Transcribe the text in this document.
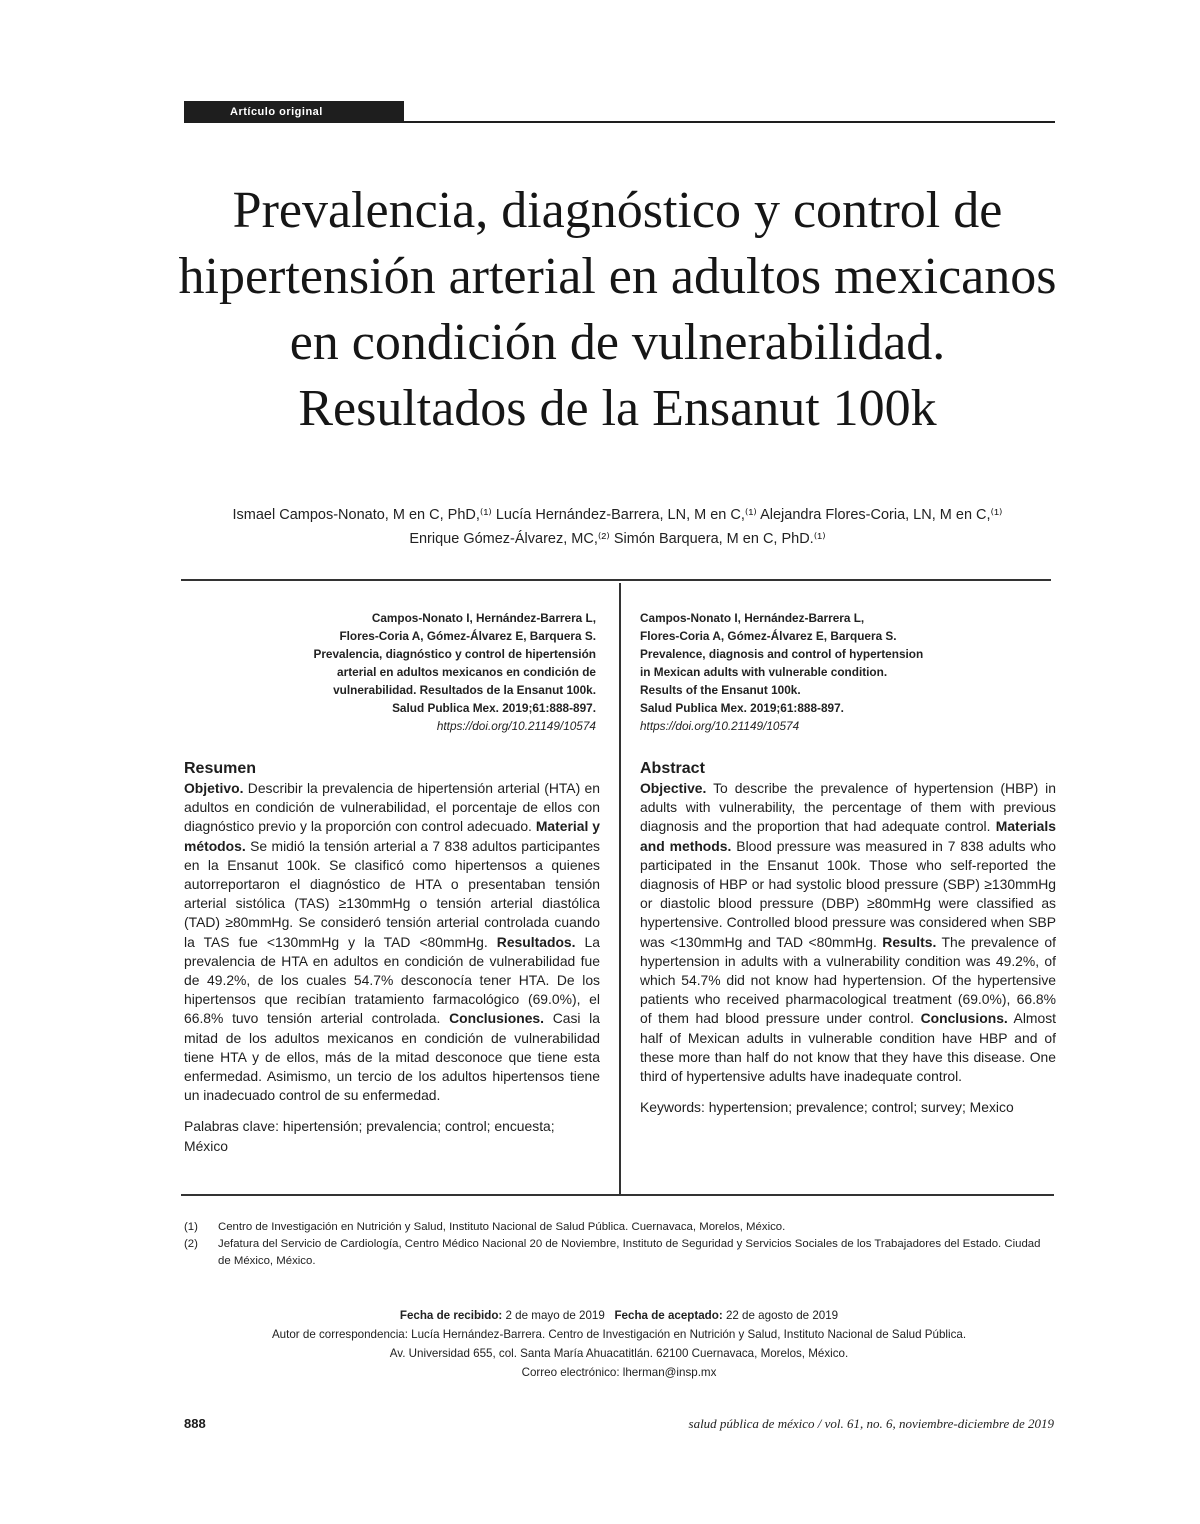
Artículo original
Prevalencia, diagnóstico y control de
hipertensión arterial en adultos mexicanos
en condición de vulnerabilidad.
Resultados de la Ensanut 100k
Ismael Campos-Nonato, M en C, PhD,⁽¹⁾ Lucía Hernández-Barrera, LN, M en C,⁽¹⁾ Alejandra Flores-Coria, LN, M en C,⁽¹⁾
Enrique Gómez-Álvarez, MC,⁽²⁾ Simón Barquera, M en C, PhD.⁽¹⁾
Campos-Nonato I, Hernández-Barrera L,
Flores-Coria A, Gómez-Álvarez E, Barquera S.
Prevalencia, diagnóstico y control de hipertensión
arterial en adultos mexicanos en condición de
vulnerabilidad. Resultados de la Ensanut 100k.
Salud Publica Mex. 2019;61:888-897.
https://doi.org/10.21149/10574
Campos-Nonato I, Hernández-Barrera L,
Flores-Coria A, Gómez-Álvarez E, Barquera S.
Prevalence, diagnosis and control of hypertension
in Mexican adults with vulnerable condition.
Results of the Ensanut 100k.
Salud Publica Mex. 2019;61:888-897.
https://doi.org/10.21149/10574
Resumen
Objetivo. Describir la prevalencia de hipertensión arterial (HTA) en adultos en condición de vulnerabilidad, el porcentaje de ellos con diagnóstico previo y la proporción con control adecuado. Material y métodos. Se midió la tensión arterial a 7 838 adultos participantes en la Ensanut 100k. Se clasificó como hipertensos a quienes autorreportaron el diagnóstico de HTA o presentaban tensión arterial sistólica (TAS) ≥130mmHg o tensión arterial diastólica (TAD) ≥80mmHg. Se consideró tensión arterial controlada cuando la TAS fue <130mmHg y la TAD <80mmHg. Resultados. La prevalencia de HTA en adultos en condición de vulnerabilidad fue de 49.2%, de los cuales 54.7% desconocía tener HTA. De los hipertensos que recibían tratamiento farmacológico (69.0%), el 66.8% tuvo tensión arterial controlada. Conclusiones. Casi la mitad de los adultos mexicanos en condición de vulnerabilidad tiene HTA y de ellos, más de la mitad desconoce que tiene esta enfermedad. Asimismo, un tercio de los adultos hipertensos tiene un inadecuado control de su enfermedad.
Palabras clave: hipertensión; prevalencia; control; encuesta; México
Abstract
Objective. To describe the prevalence of hypertension (HBP) in adults with vulnerability, the percentage of them with previous diagnosis and the proportion that had adequate control. Materials and methods. Blood pressure was measured in 7 838 adults who participated in the Ensanut 100k. Those who self-reported the diagnosis of HBP or had systolic blood pressure (SBP) ≥130mmHg or diastolic blood pressure (DBP) ≥80mmHg were classified as hypertensive. Controlled blood pressure was considered when SBP was <130mmHg and TAD <80mmHg. Results. The prevalence of hypertension in adults with a vulnerability condition was 49.2%, of which 54.7% did not know had hypertension. Of the hypertensive patients who received pharmacological treatment (69.0%), 66.8% of them had blood pressure under control. Conclusions. Almost half of Mexican adults in vulnerable condition have HBP and of these more than half do not know that they have this disease. One third of hypertensive adults have inadequate control.
Keywords: hypertension; prevalence; control; survey; Mexico
(1)	Centro de Investigación en Nutrición y Salud, Instituto Nacional de Salud Pública. Cuernavaca, Morelos, México.
(2)	Jefatura del Servicio de Cardiología, Centro Médico Nacional 20 de Noviembre, Instituto de Seguridad y Servicios Sociales de los Trabajadores del Estado. Ciudad de México, México.
Fecha de recibido: 2 de mayo de 2019 Fecha de aceptado: 22 de agosto de 2019
Autor de correspondencia: Lucía Hernández-Barrera. Centro de Investigación en Nutrición y Salud, Instituto Nacional de Salud Pública.
Av. Universidad 655, col. Santa María Ahuacatitlán. 62100 Cuernavaca, Morelos, México.
Correo electrónico: lherman@insp.mx
888	salud pública de méxico / vol. 61, no. 6, noviembre-diciembre de 2019
